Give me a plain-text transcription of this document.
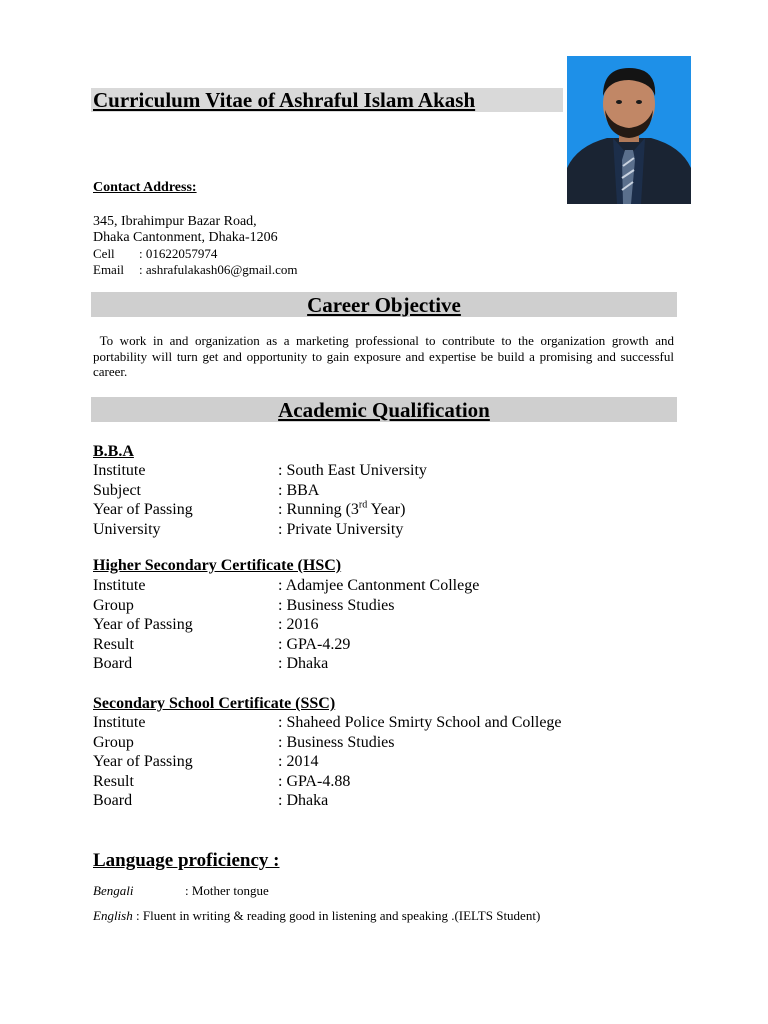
Curriculum Vitae of Ashraful Islam Akash
Contact Address:
345, Ibrahimpur Bazar Road,
Dhaka Cantonment, Dhaka-1206
Cell : 01622057974
Email : ashrafulakash06@gmail.com
Career Objective
To work in and organization as a marketing professional to contribute to the organization growth and portability will turn get and opportunity to gain exposure and expertise be build a promising and successful career.
Academic Qualification
B.B.A
Institute	: South East University
Subject	: BBA
Year of Passing	: Running (3rd Year)
University	: Private University
Higher Secondary Certificate (HSC)
Institute	: Adamjee Cantonment College
Group	: Business Studies
Year of Passing	: 2016
Result	: GPA-4.29
Board	: Dhaka
Secondary School Certificate (SSC)
Institute	: Shaheed Police Smirty School and College
Group	: Business Studies
Year of Passing	: 2014
Result	: GPA-4.88
Board	: Dhaka
Language proficiency :
Bengali	: Mother tongue
English : Fluent in writing & reading good in listening and speaking .(IELTS Student)
